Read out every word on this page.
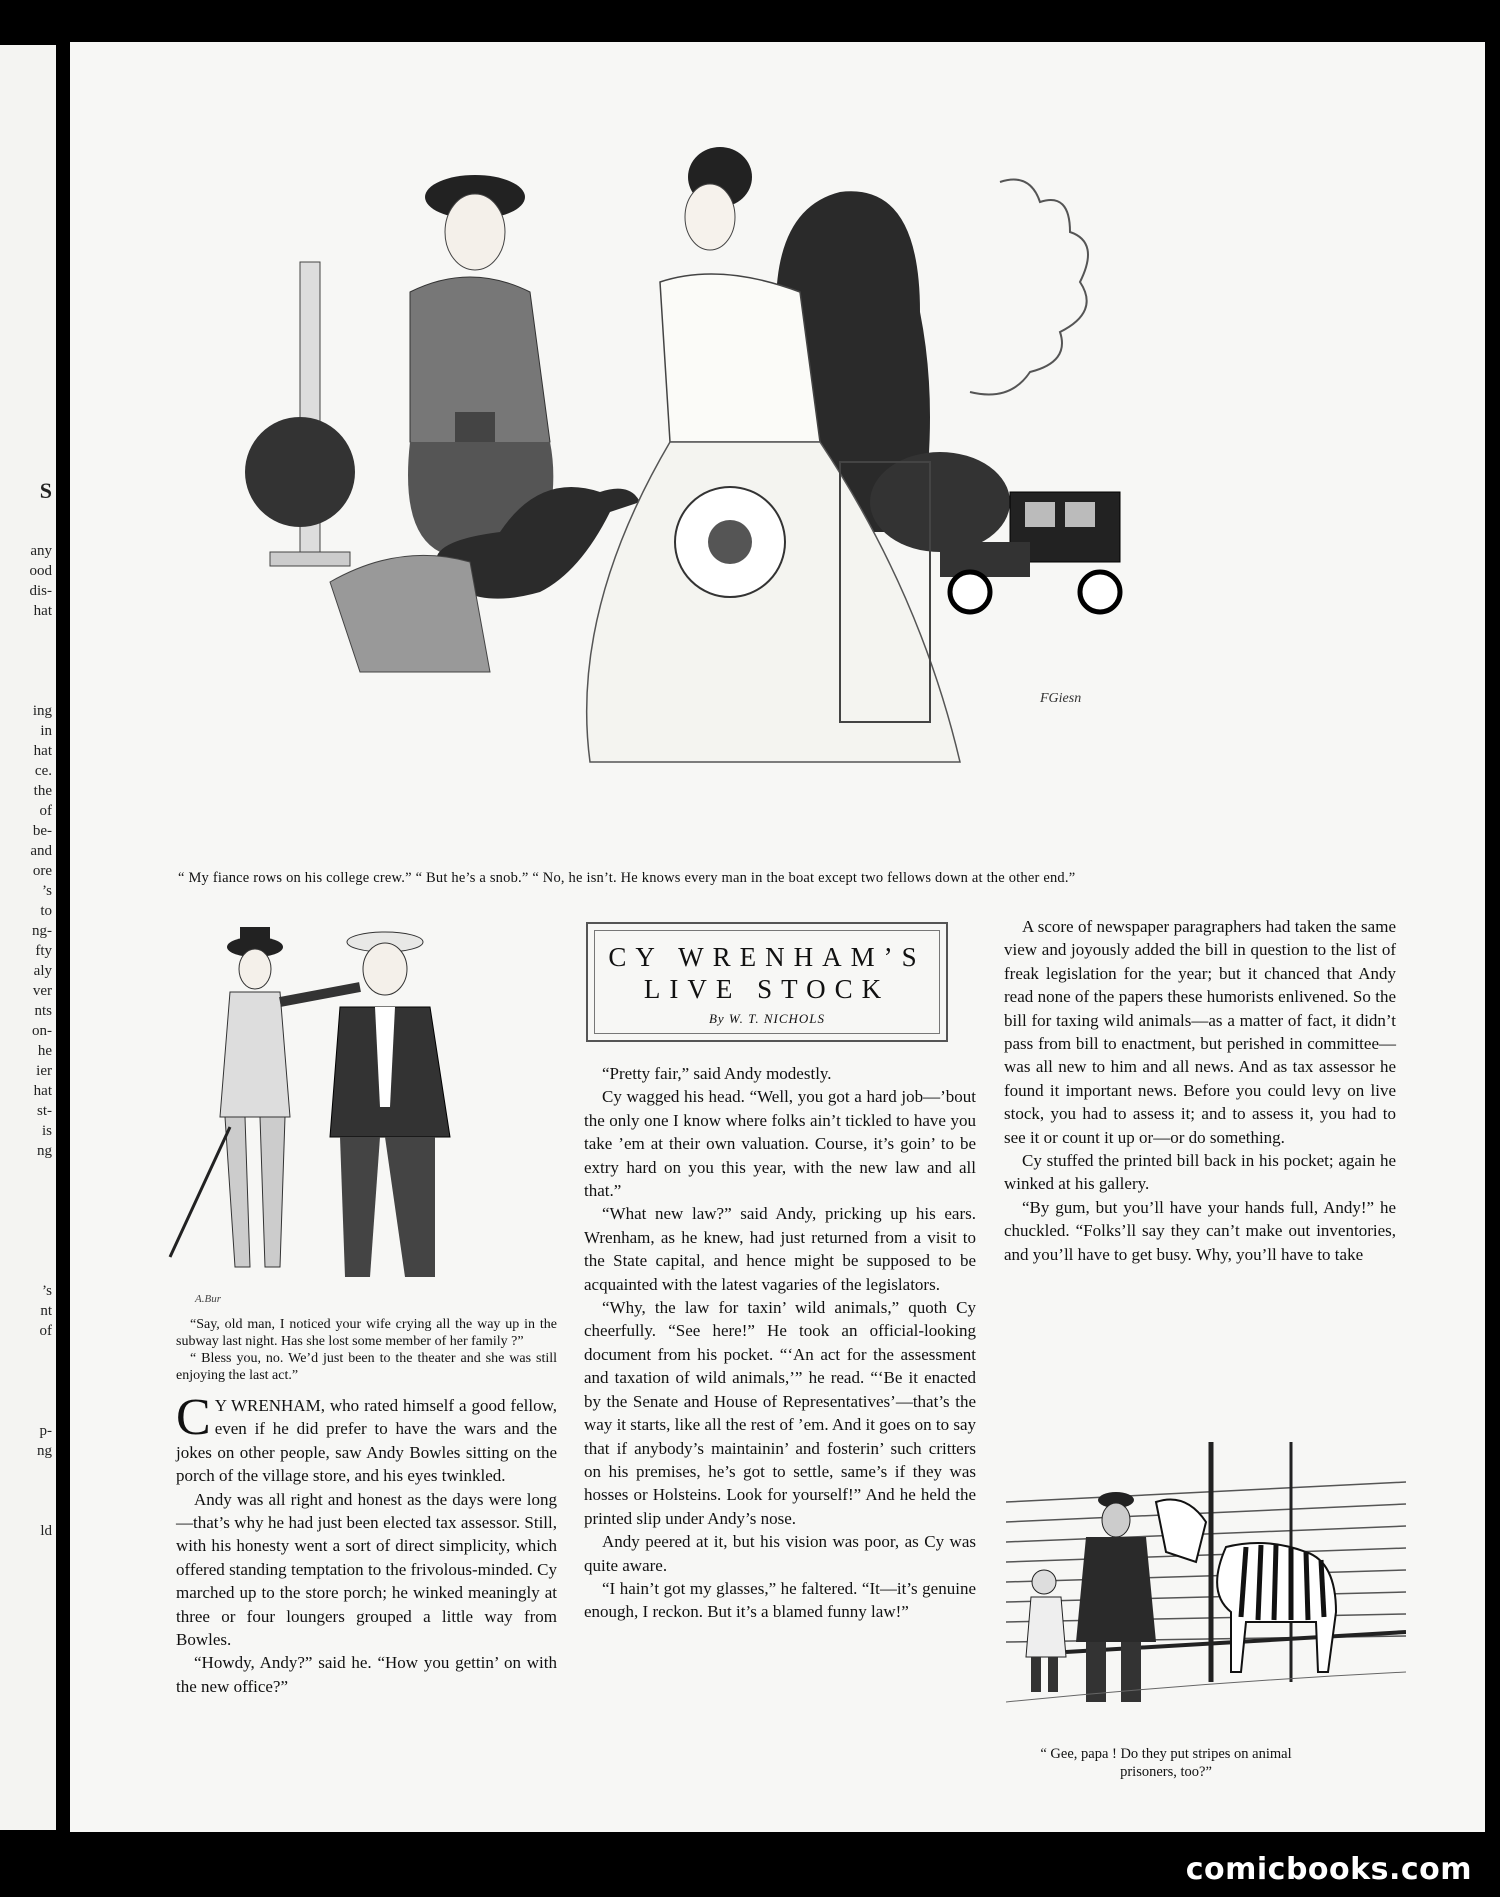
S
any
ood
dis-
hat
ing
in
hat
ce.
the
of
be-
and
ore
’s
to
ng-
fty
aly
ver
nts
on-
he
ier
hat
st-
is
ng
’s
nt
of
p-
ng
ld
FGiesn
“ My fiance rows on his college crew.” “ But he’s a snob.” “ No, he isn’t. He knows every man in the boat except two fellows down at the other end.”
A.Bur

“Say, old man, I noticed your wife crying all the way up in the subway last night. Has she lost some member of her family ?”

“ Bless you, no. We’d just been to the theater and she was still enjoying the last act.”

C Y WRENHAM, who rated himself a good fellow, even if he did prefer to have the wars and the jokes on other people, saw Andy Bowles sitting on the porch of the village store, and his eyes twinkled.

Andy was all right and honest as the days were long—that’s why he had just been elected tax assessor. Still, with his honesty went a sort of direct simplicity, which offered standing temptation to the frivolous-minded. Cy marched up to the store porch; he winked meaningly at three or four loungers grouped a little way from Bowles.

“Howdy, Andy?” said he. “How you gettin’ on with the new office?”

CY WRENHAM’S
LIVE STOCK
By W. T. NICHOLS

“Pretty fair,” said Andy modestly.

Cy wagged his head. “Well, you got a hard job—’bout the only one I know where folks ain’t tickled to have you take ’em at their own valuation. Course, it’s goin’ to be extry hard on you this year, with the new law and all that.”

“What new law?” said Andy, pricking up his ears. Wrenham, as he knew, had just returned from a visit to the State capital, and hence might be supposed to be acquainted with the latest vagaries of the legislators.

“Why, the law for taxin’ wild animals,” quoth Cy cheerfully. “See here!” He took an official-looking document from his pocket. “‘An act for the assessment and taxation of wild animals,’” he read. “‘Be it enacted by the Senate and House of Representatives’—that’s the way it starts, like all the rest of ’em. And it goes on to say that if anybody’s maintainin’ and fosterin’ such critters on his premises, he’s got to settle, same’s if they was hosses or Holsteins. Look for yourself!” And he held the printed slip under Andy’s nose.

Andy peered at it, but his vision was poor, as Cy was quite aware.

“I hain’t got my glasses,” he faltered. “It—it’s genuine enough, I reckon. But it’s a blamed funny law!”

A score of newspaper paragraphers had taken the same view and joyously added the bill in question to the list of freak legislation for the year; but it chanced that Andy read none of the papers these humorists enlivened. So the bill for taxing wild animals—as a matter of fact, it didn’t pass from bill to enactment, but perished in committee—was all new to him and all news. And as tax assessor he found it important news. Before you could levy on live stock, you had to assess it; and to assess it, you had to see it or count it up or—or do something.

Cy stuffed the printed bill back in his pocket; again he winked at his gallery.

“By gum, but you’ll have your hands full, Andy!” he chuckled. “Folks’ll say they can’t make out inventories, and you’ll have to get busy. Why, you’ll have to take

“ Gee, papa ! Do they put stripes on animal prisoners, too?”
comicbooks.com
